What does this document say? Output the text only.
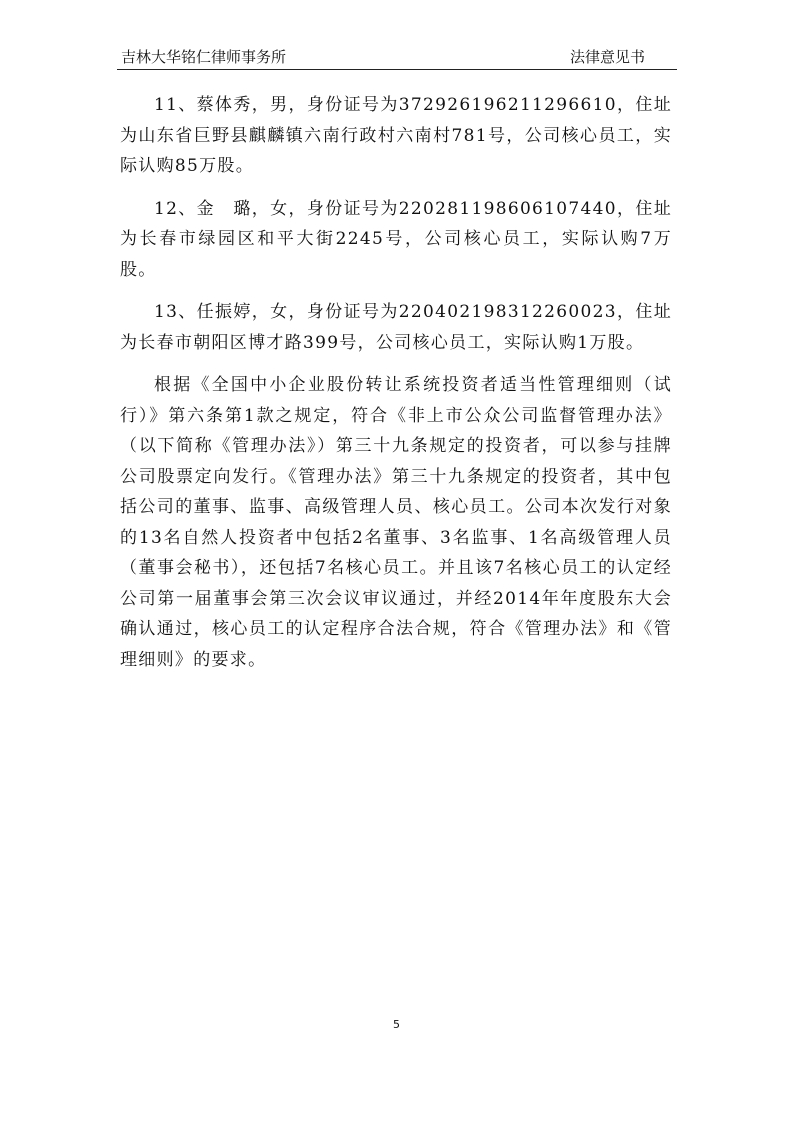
吉林大华铭仁律师事务所	法律意见书

11、蔡体秀，男，身份证号为372926196211296610，住址为山东省巨野县麒麟镇六南行政村六南村781号，公司核心员工，实际认购85万股。

12、金　璐，女，身份证号为220281198606107440，住址为长春市绿园区和平大街2245号，公司核心员工，实际认购7万股。

13、任振婷，女，身份证号为220402198312260023，住址为长春市朝阳区博才路399号，公司核心员工，实际认购1万股。

根据《全国中小企业股份转让系统投资者适当性管理细则（试行）》第六条第1款之规定，符合《非上市公众公司监督管理办法》（以下简称《管理办法》）第三十九条规定的投资者，可以参与挂牌公司股票定向发行。《管理办法》第三十九条规定的投资者，其中包括公司的董事、监事、高级管理人员、核心员工。公司本次发行对象的13名自然人投资者中包括2名董事、3名监事、1名高级管理人员（董事会秘书），还包括7名核心员工。并且该7名核心员工的认定经公司第一届董事会第三次会议审议通过，并经2014年年度股东大会确认通过，核心员工的认定程序合法合规，符合《管理办法》和《管理细则》的要求。

5
